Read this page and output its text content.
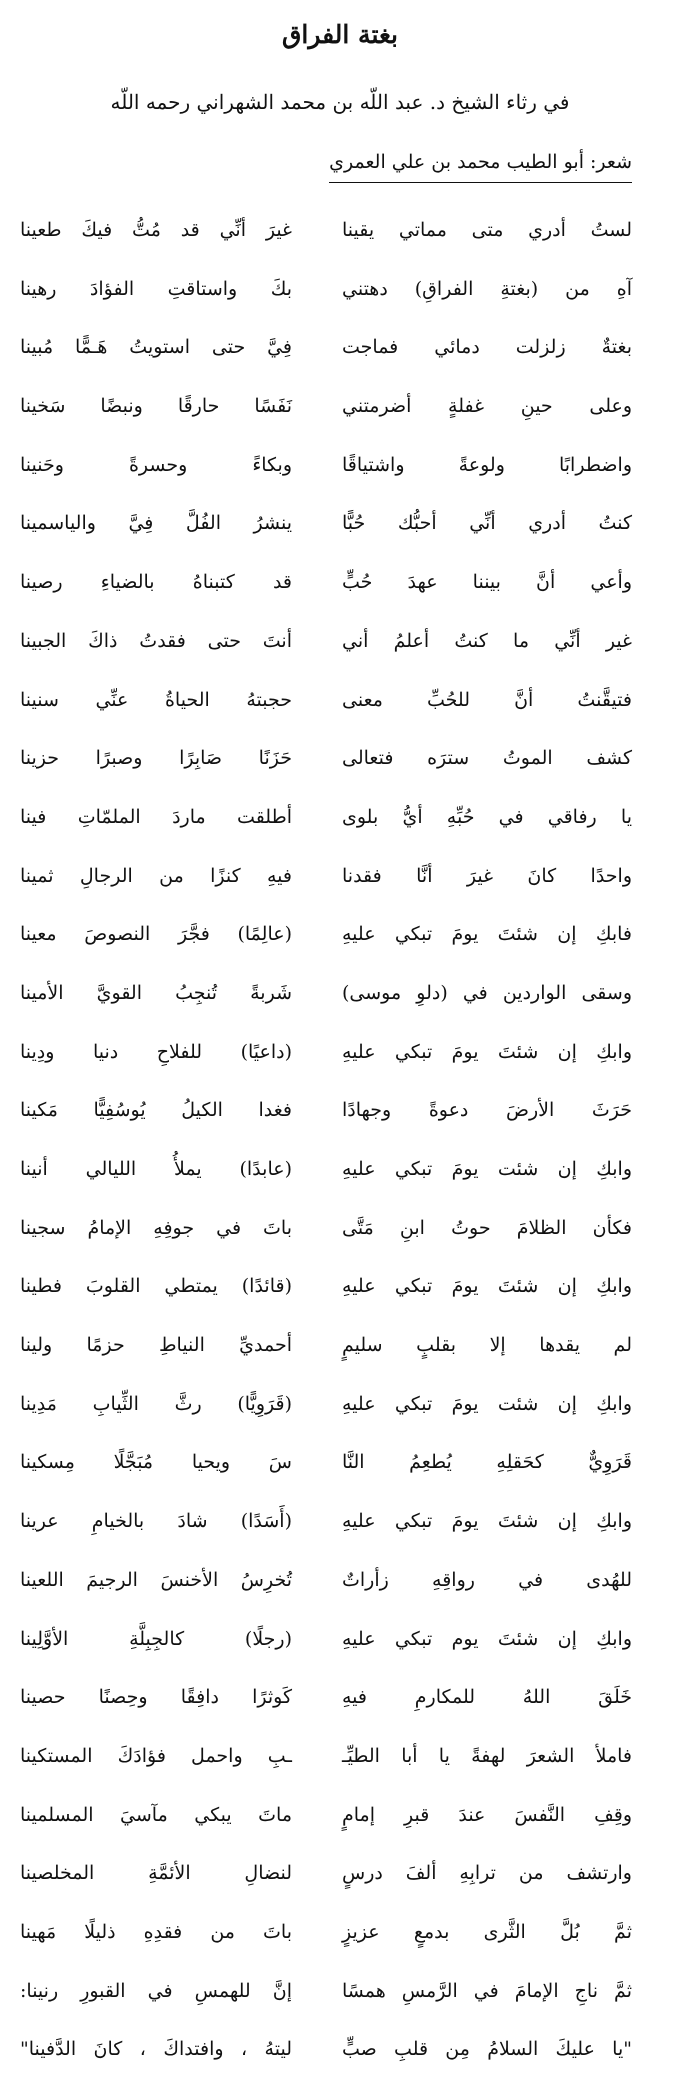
بغتة الفراق
في رثاء الشيخ د. عبد اللّه بن محمد الشهراني رحمه اللّه
شعر: أبو الطيب محمد بن علي العمري
لستُ أدري متى مماتي يقينا
غيرَ أنِّي قد مُتُّ فيكَ طعينا
آهِ من (بغتةِ الفراقِ) دهتني
بكَ واستاقتِ الفؤادَ رهينا
بغتةٌ زلزلت دمائي فماجت
فِيَّ حتى استويتُ هَـمًّا مُبينا
وعلى حينِ غفلةٍ أضرمتني
نَفَسًا حارقًا ونبضًا سَخينا
واضطرابًا ولوعةً واشتياقًا
وبكاءً وحسرةً وحَنينا
كنتُ أدري أنِّي أحبُّك حُبًّا
ينشرُ الفُلَّ فِيَّ والياسمينا
وأعي أنَّ بيننا عهدَ حُبٍّ
قد كتبناهُ بالضياءِ رصينا
غير أنِّي ما كنتُ أعلمُ أني
أنتَ حتى فقدتُ ذاكَ الجبينا
فتيقَّنتُ أنَّ للحُبِّ معنى
حجبتهُ الحياةُ عنِّي سنينا
كشف الموتُ سترَه فتعالى
حَزَنًا صَابِرًا وصبرًا حزينا
يا رفاقي في حُبِّهِ أيُّ بلوى
أطلقت ماردَ الملمّاتِ فينا
واحدًا كانَ غيرَ أنَّا فقدنا
فيهِ كنزًا من الرجالِ ثمينا
فابكِ إن شئتَ يومَ تبكي عليهِ
(عالِمًا) فجَّرَ النصوصَ معينا
وسقى الواردين في (دلوِ موسى)
شَربةً تُنجِبُ القويَّ الأمينا
وابكِ إن شئتَ يومَ تبكي عليهِ
(داعيًا) للفلاحِ دنيا ودِينا
حَرَثَ الأرضَ دعوةً وجهادًا
فغدا الكيلُ يُوسُفِيًّا مَكينا
وابكِ إن شئت يومَ تبكي عليهِ
(عابدًا) يملأُ الليالي أنينا
فكأن الظلامَ حوتُ ابنِ مَتَّى
باتَ في جوفِهِ الإمامُ سجينا
وابكِ إن شئتَ يومَ تبكي عليهِ
(قائدًا) يمتطي القلوبَ فطينا
لم يقدها إلا بقلبٍ سليمٍ
أحمديِّ النياطِ حزمًا ولينا
وابكِ إن شئت يومَ تبكي عليهِ
(قَرَوِيًّا) رثَّ الثِّيابِ مَدِينا
قَرَوِيٌّ كحَقلِهِ يُطعِمُ النَّا
سَ ويحيا مُبَجَّلًا مِسكينا
وابكِ إن شئتَ يومَ تبكي عليهِ
(أَسَدًا) شادَ بالخيامِ عرينا
للهُدى في رواقِهِ زأراتٌ
تُخرِسُ الأخنسَ الرجيمَ اللعينا
وابكِ إن شئتَ يوم تبكي عليهِ
(رجلًا) كالجِبِلَّةِ الأوَّلِينا
خَلَقَ اللهُ للمكارمِ فيهِ
كَوثرًا دافِقًا وحِصنًا حصينا
فاملأ الشعرَ لهفةً يا أبا الطيِّـ
ـبِ واحمل فؤادَكَ المستكينا
وقِفِ النَّفسَ عندَ قبرِ إمامٍ
ماتَ يبكي مآسيَ المسلمينا
وارتشف من ترابِهِ ألفَ درسٍ
لنضالِ الأئمَّةِ المخلصينا
ثمَّ بُلَّ الثَّرى بدمعٍ عزيزٍ
باتَ من فقدِهِ ذليلًا مَهينا
ثمَّ ناجِ الإمامَ في الرَّمسِ همسًا
إنَّ للهمسِ في القبورِ رنينا:
"يا عليكَ السلامُ مِن قلبِ صبٍّ
ليتهُ ، وافتداكَ ، كانَ الدَّفينا"
